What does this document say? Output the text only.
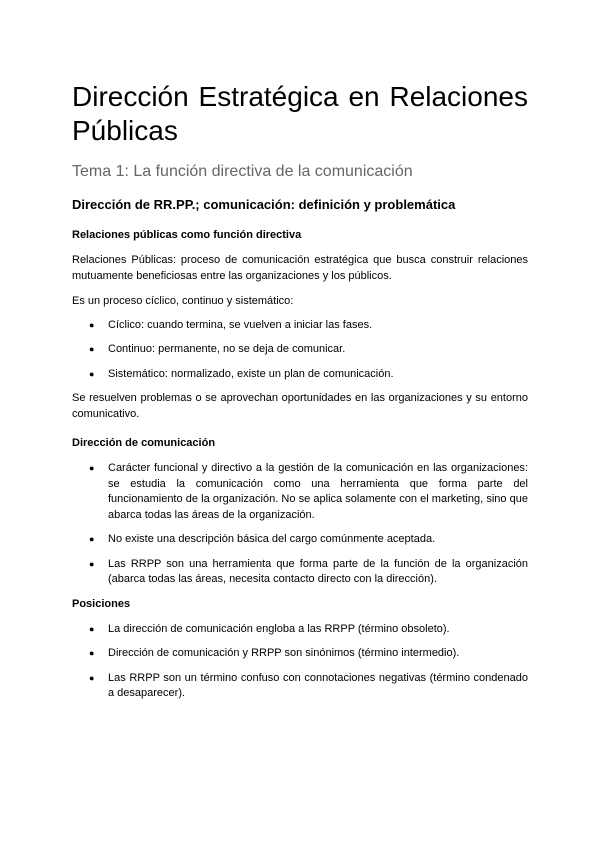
Dirección Estratégica en Relaciones Públicas
Tema 1: La función directiva de la comunicación
Dirección de RR.PP.; comunicación: definición y problemática
Relaciones públicas como función directiva

Relaciones Públicas: proceso de comunicación estratégica que busca construir relaciones mutuamente beneficiosas entre las organizaciones y los públicos.

Es un proceso cíclico, continuo y sistemático:

● Cíclico: cuando termina, se vuelven a iniciar las fases.
● Continuo: permanente, no se deja de comunicar.
● Sistemático: normalizado, existe un plan de comunicación.

Se resuelven problemas o se aprovechan oportunidades en las organizaciones y su entorno comunicativo.

Dirección de comunicación
● Carácter funcional y directivo a la gestión de la comunicación en las organizaciones: se estudia la comunicación como una herramienta que forma parte del funcionamiento de la organización. No se aplica solamente con el marketing, sino que abarca todas las áreas de la organización.
● No existe una descripción básica del cargo comúnmente aceptada.
● Las RRPP son una herramienta que forma parte de la función de la organización (abarca todas las áreas, necesita contacto directo con la dirección).
Posiciones
● La dirección de comunicación engloba a las RRPP (término obsoleto).
● Dirección de comunicación y RRPP son sinónimos (término intermedio).
● Las RRPP son un término confuso con connotaciones negativas (término condenado a desaparecer).
